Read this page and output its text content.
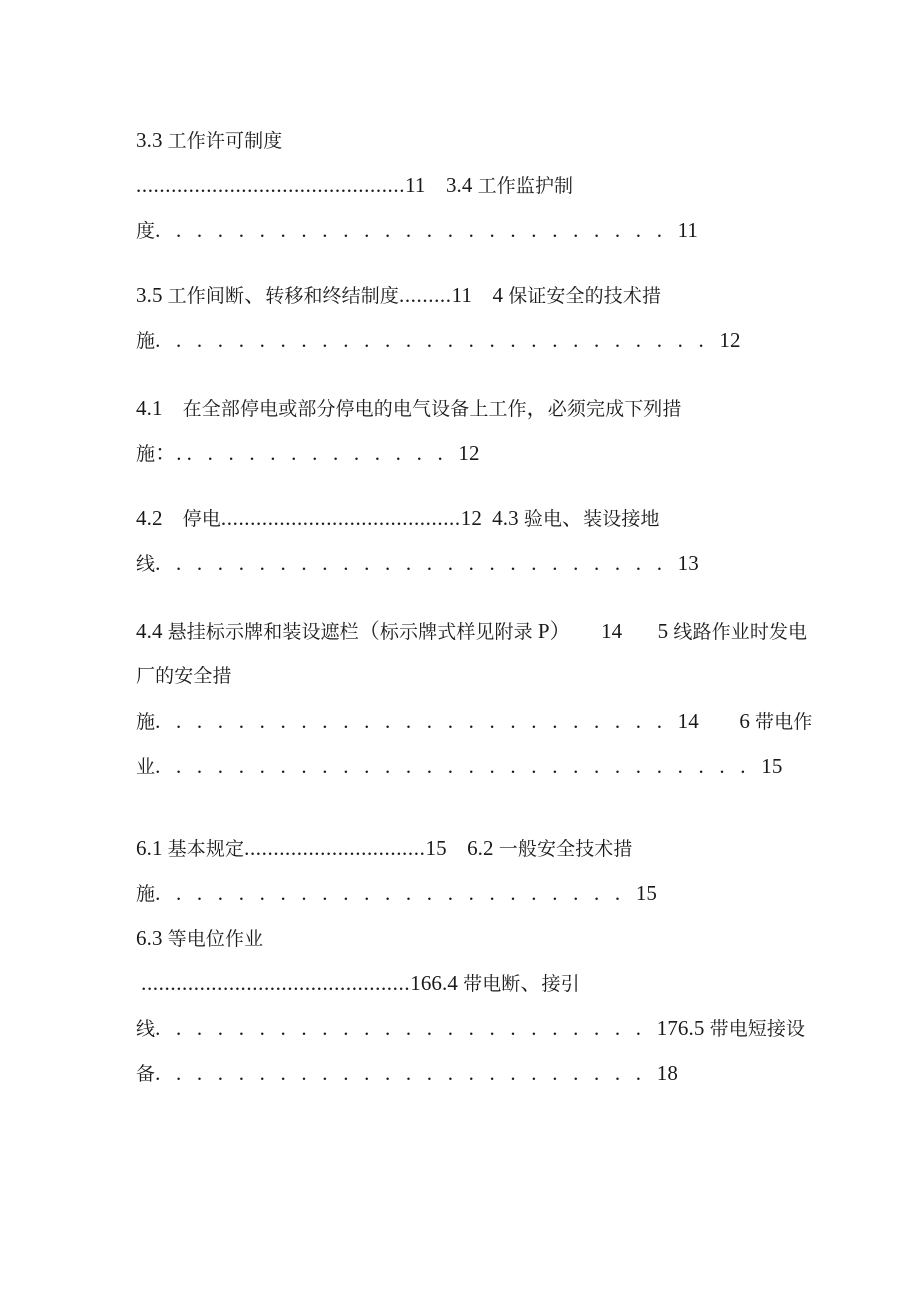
3.3 工作许可制度
..............................................11 3.4 工作监护制
度. . . . . . . . . . . . . . . . . . . . . . . . . 11
3.5 工作间断、转移和终结制度.........11 4 保证安全的技术措
施. . . . . . . . . . . . . . . . . . . . . . . . . . . 12
4.1　 在全部停电或部分停电的电气设备上工作，必须完成下列措
施：. . . . . . . . . . . . . . 12
4.2　 停电.........................................12 4.3 验电、装设接地
线. . . . . . . . . . . . . . . . . . . . . . . . . 13
4.4 悬挂标示牌和装设遮栏（标示牌式样见附录 P）　 14　 5 线路作业时发电
厂的安全措
施. . . . . . . . . . . . . . . . . . . . . . . . . 14　 6 带电作
业. . . . . . . . . . . . . . . . . . . . . . . . . . . . . 15
6.1 基本规定...............................15 6.2 一般安全技术措
施. . . . . . . . . . . . . . . . . . . . . . . 15
6.3 等电位作业
..............................................166.4 带电断、接引
线. . . . . . . . . . . . . . . . . . . . . . . . 176.5 带电短接设
备. . . . . . . . . . . . . . . . . . . . . . . . 18
